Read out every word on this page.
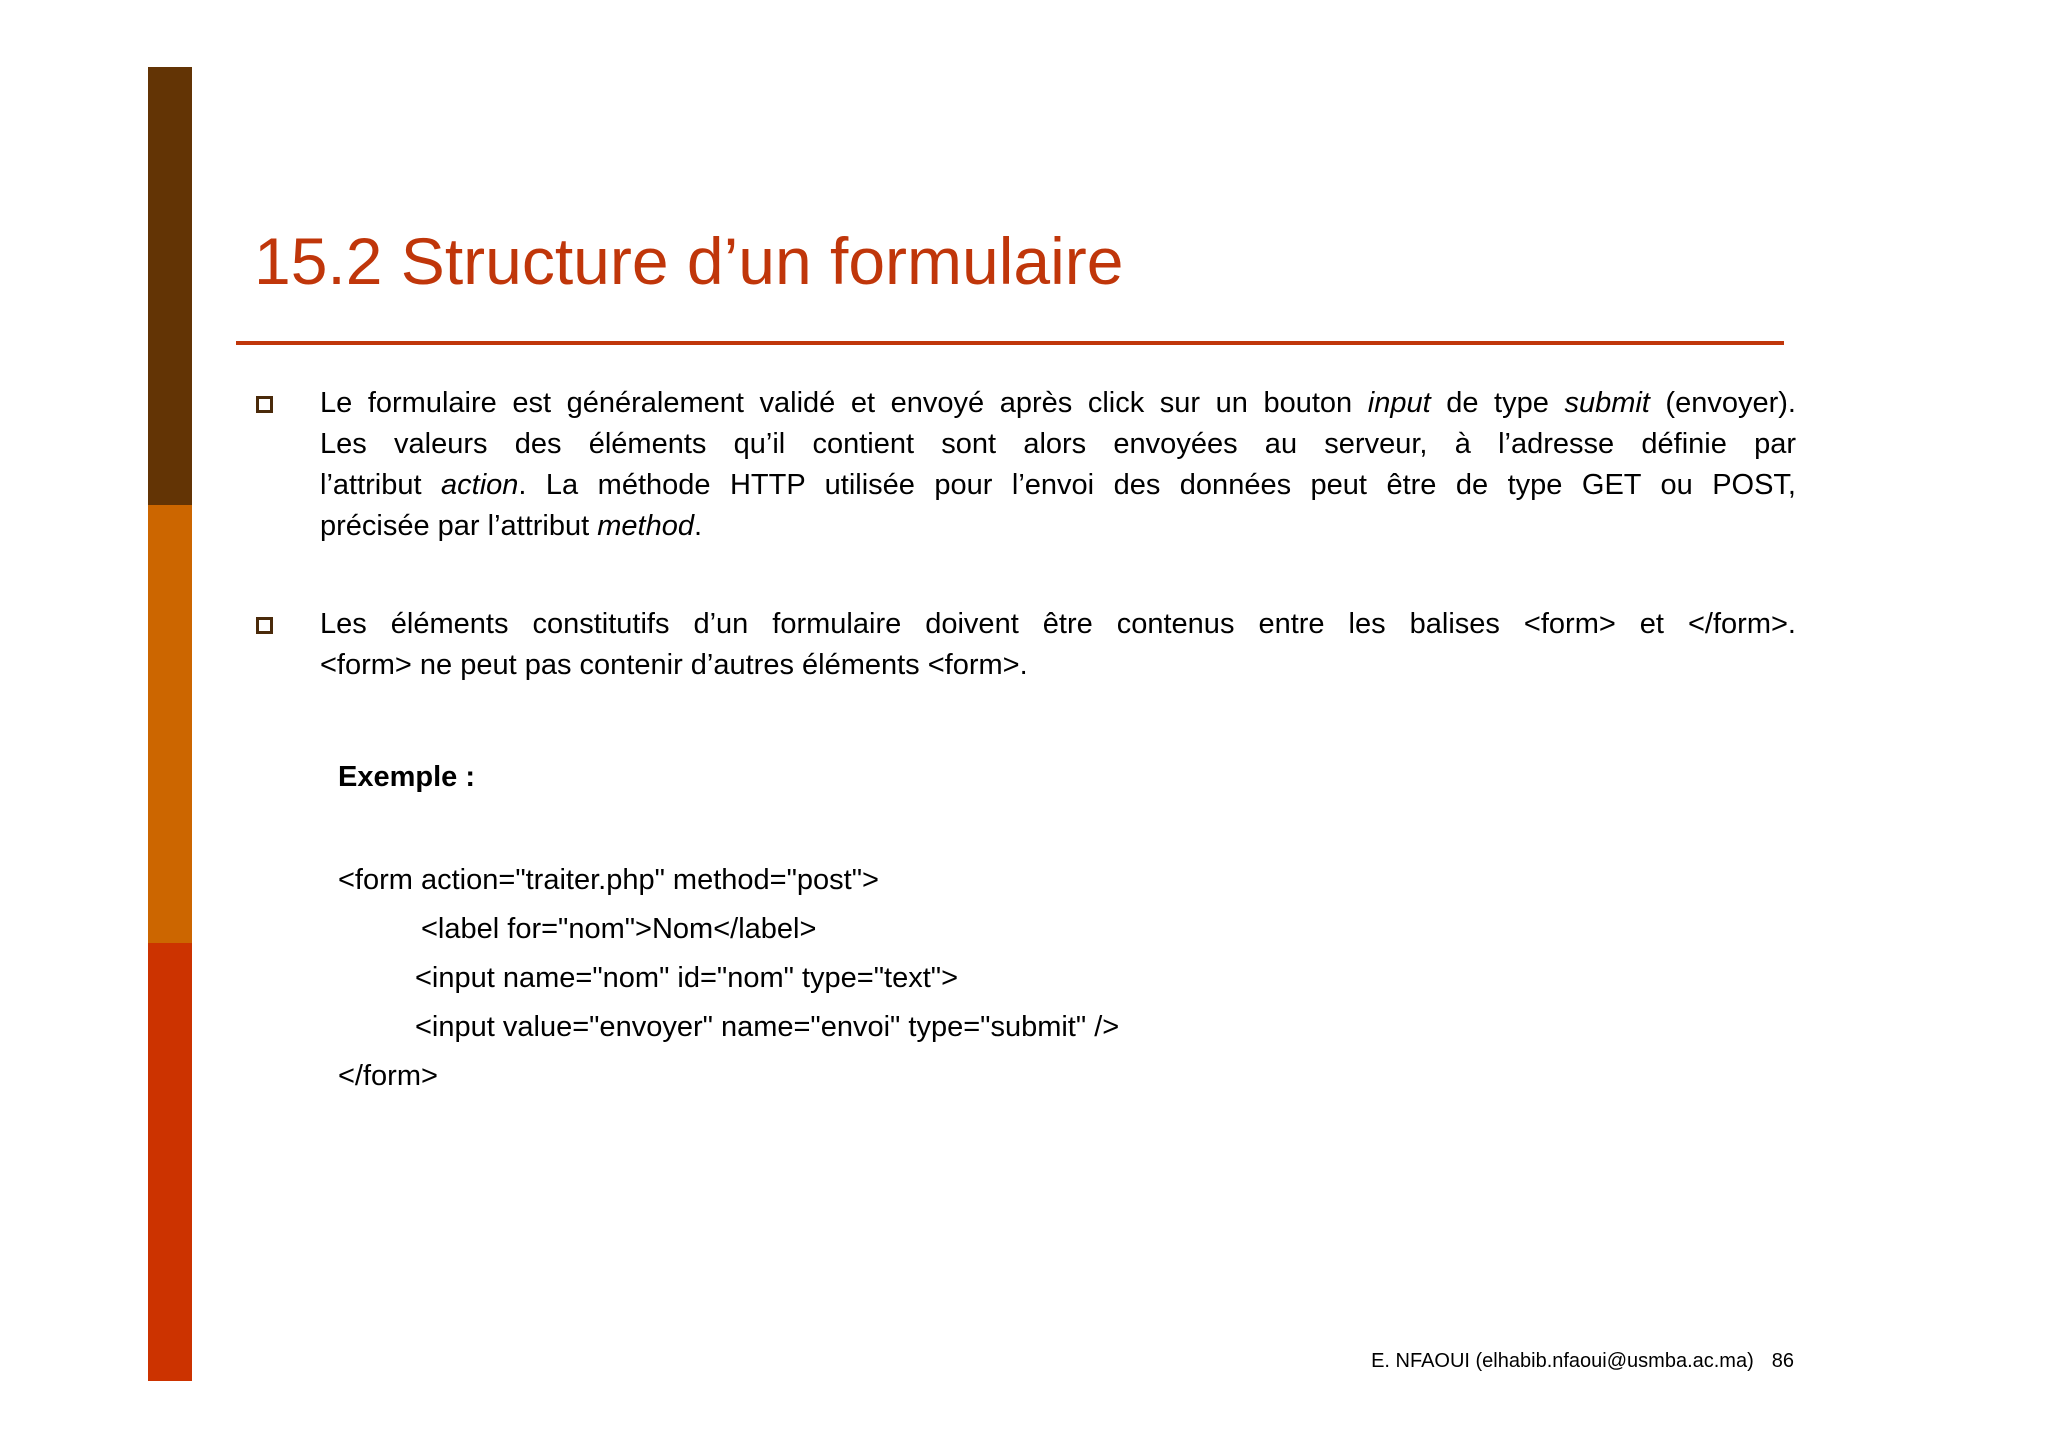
15.2 Structure d’un formulaire
Le formulaire est généralement validé et envoyé après click sur un bouton input de type submit (envoyer).
Les valeurs des éléments qu’il contient sont alors envoyées au serveur, à l’adresse définie par
l’attribut action. La méthode HTTP utilisée pour l’envoi des données peut être de type GET ou POST,
précisée par l’attribut method.
Les éléments constitutifs d’un formulaire doivent être contenus entre les balises <form> et </form>.
<form> ne peut pas contenir d’autres éléments <form>.
Exemple :
<form action="traiter.php" method="post">
<label for="nom">Nom</label>
<input name="nom" id="nom" type="text">
<input value="envoyer" name="envoi" type="submit" />
</form>
E. NFAOUI (elhabib.nfaoui@usmba.ac.ma) 86
